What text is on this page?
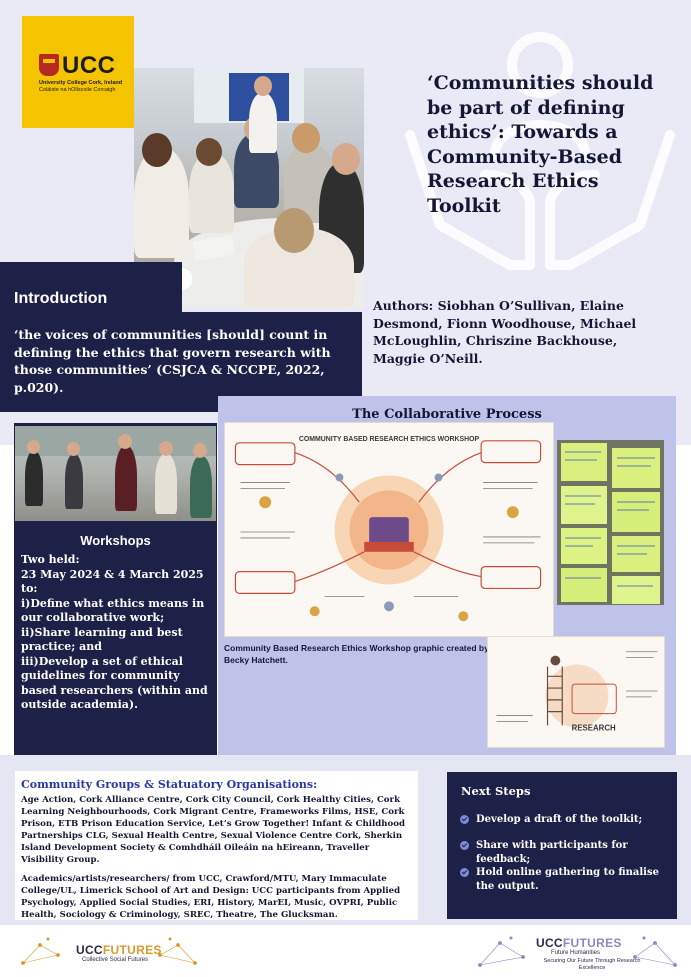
UCC
University College Cork, Ireland
Coláiste na hOllscoile Corcaigh	‘Communities should be part of defining ethics’: Towards a Community-Based Research Ethics Toolkit
Authors: Siobhan O’Sullivan, Elaine Desmond, Fionn Woodhouse, Michael McLoughlin, Chriszine Backhouse, Maggie O’Neill.
Introduction
‘the voices of communities [should] count in defining the ethics that govern research with those communities’ (CSJCA & NCCPE, 2022, p.020).
Workshops
Two held:
23 May 2024 & 4 March 2025
to:
i)Define what ethics means in our collaborative work;
ii)Share learning and best practice; and
iii)Develop a set of ethical guidelines for community based researchers (within and outside academia).
The Collaborative Process
COMMUNITY BASED RESEARCH ETHICS WORKSHOP
Community Based Research Ethics Workshop graphic created by Becky Hatchett.
RESEARCH
Community Groups & Statuatory Organisations:

Age Action, Cork Alliance Centre, Cork City Council, Cork Healthy Cities, Cork Learning Neighbourhoods, Cork Migrant Centre, Frameworks Films, HSE, Cork Prison, ETB Prison Education Service, Let’s Grow Together! Infant & Childhood Partnerships CLG, Sexual Health Centre, Sexual Violence Centre Cork, Sherkin Island Development Society & Comhdháil Oileáin na hEireann, Traveller Visibility Group.

Academics/artists/researchers/ from UCC, Crawford/MTU, Mary Immaculate College/UL, Limerick School of Art and Design: UCC participants from Applied Psychology, Applied Social Studies, ERI, History, MarEI, Music, OVPRI, Public Health, Sociology & Criminology, SREC, Theatre, The Glucksman.

Next Steps
Develop a draft of the toolkit;
Share with participants for feedback;
Hold online gathering to finalise the output.
UCCFUTURES
Collective Social Futures
UCCFUTURES
Future Humanities
Securing Our Future Through Research Excellence
